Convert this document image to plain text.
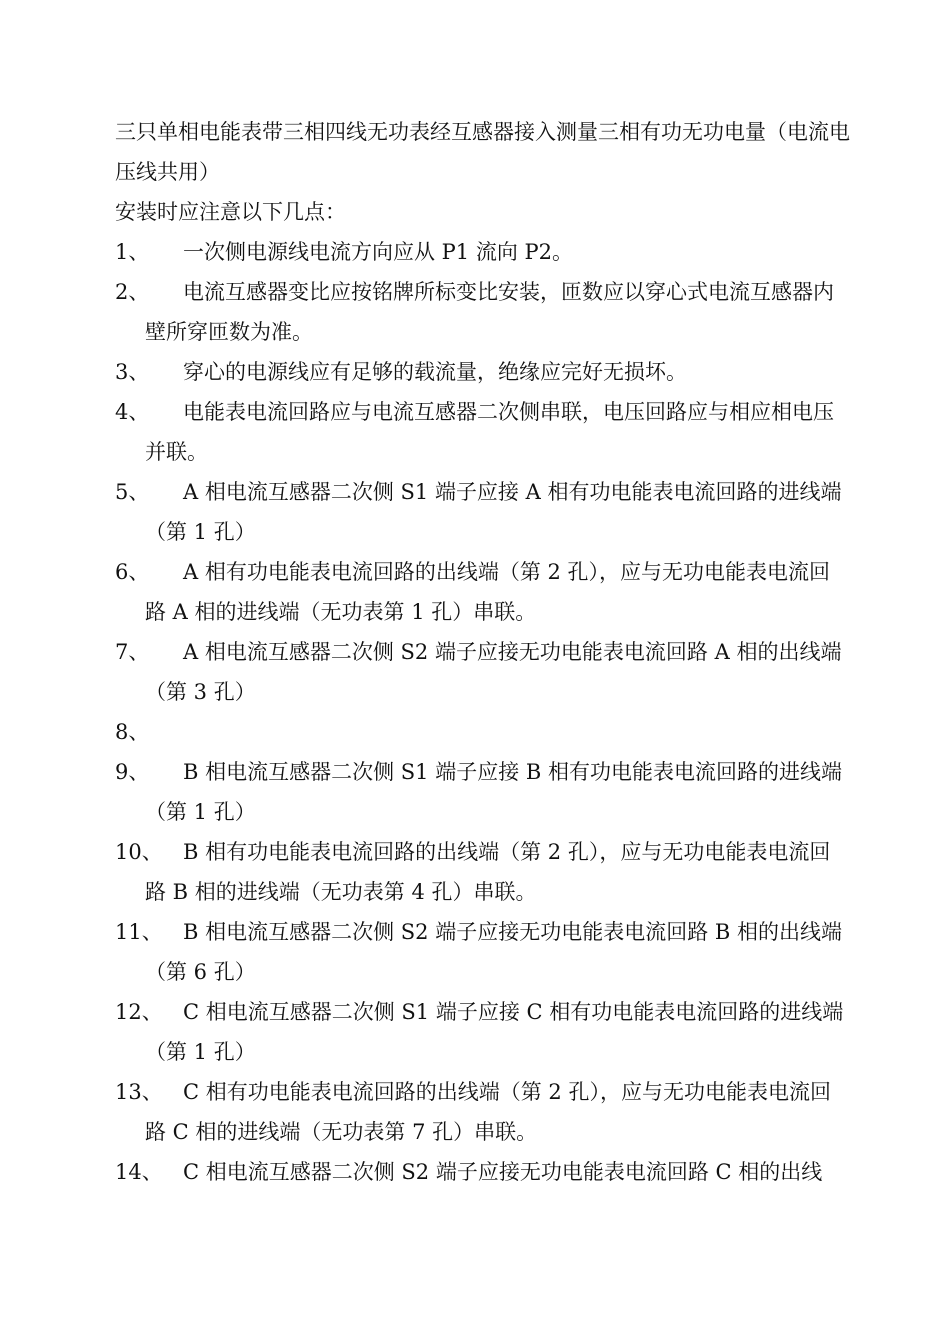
三只单相电能表带三相四线无功表经互感器接入测量三相有功无功电量（电流电压线共用）

安装时应注意以下几点：

1、	一次侧电源线电流方向应从 P1 流向 P2。
2、	电流互感器变比应按铭牌所标变比安装，匝数应以穿心式电流互感器内壁所穿匝数为准。
3、	穿心的电源线应有足够的载流量，绝缘应完好无损坏。
4、	电能表电流回路应与电流互感器二次侧串联，电压回路应与相应相电压并联。
5、	A 相电流互感器二次侧 S1 端子应接 A 相有功电能表电流回路的进线端（第 1 孔）
6、	A 相有功电能表电流回路的出线端（第 2 孔），应与无功电能表电流回路 A 相的进线端（无功表第 1 孔）串联。
7、	A 相电流互感器二次侧 S2 端子应接无功电能表电流回路 A 相的出线端（第 3 孔）
8、
9、	B 相电流互感器二次侧 S1 端子应接 B 相有功电能表电流回路的进线端（第 1 孔）
10、 B 相有功电能表电流回路的出线端（第 2 孔），应与无功电能表电流回路 B 相的进线端（无功表第 4 孔）串联。
11、 B 相电流互感器二次侧 S2 端子应接无功电能表电流回路 B 相的出线端（第 6 孔）
12、 C 相电流互感器二次侧 S1 端子应接 C 相有功电能表电流回路的进线端（第 1 孔）
13、 C 相有功电能表电流回路的出线端（第 2 孔），应与无功电能表电流回路 C 相的进线端（无功表第 7 孔）串联。
14、 C 相电流互感器二次侧 S2 端子应接无功电能表电流回路 C 相的出线
